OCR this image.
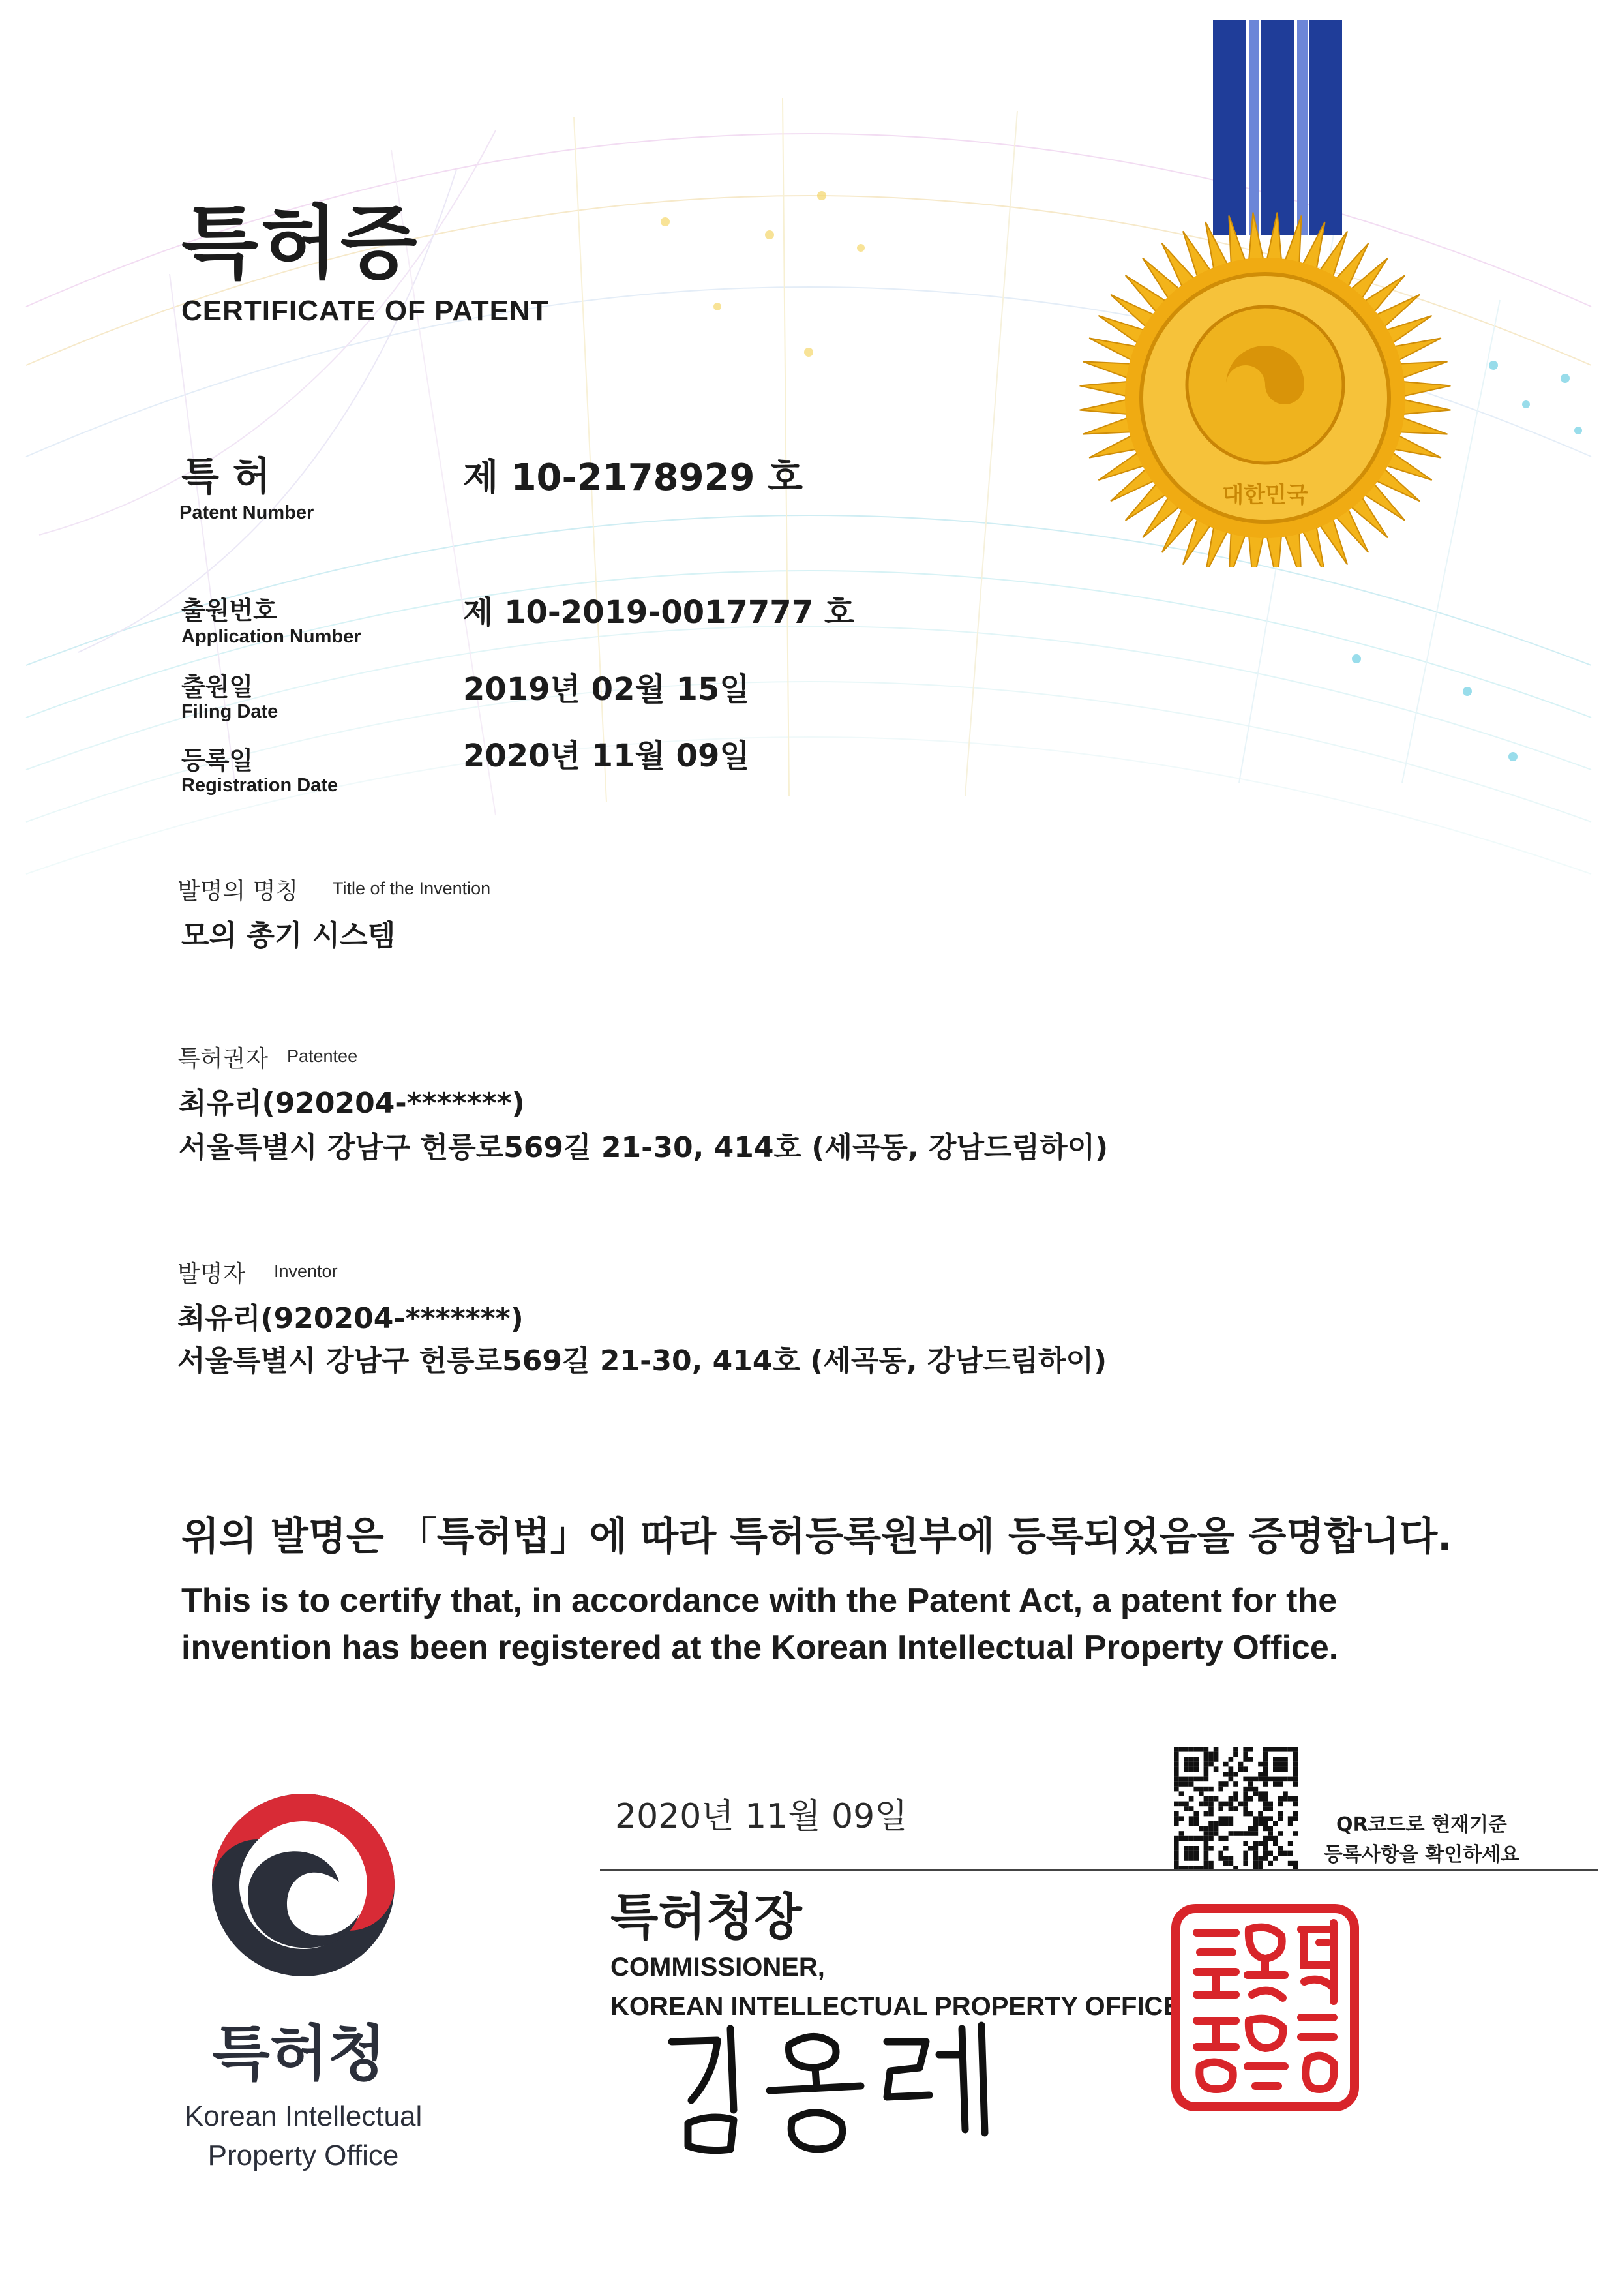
특허증
CERTIFICATE OF PATENT
특 허
Patent Number
제 10-2178929 호
출원번호
Application Number
제 10-2019-0017777 호
출원일
Filing Date
2019년 02월 15일
등록일
Registration Date
2020년 11월 09일
발명의 명칭 Title of the Invention
모의 총기 시스템
특허권자 Patentee
최유리(920204-*******)
서울특별시 강남구 헌릉로569길 21-30, 414호 (세곡동, 강남드림하이)
발명자 Inventor
최유리(920204-*******)
서울특별시 강남구 헌릉로569길 21-30, 414호 (세곡동, 강남드림하이)
위의 발명은 「특허법」에 따라 특허등록원부에 등록되었음을 증명합니다.
This is to certify that, in accordance with the Patent Act, a patent for the invention has been registered at the Korean Intellectual Property Office.
대한민국
특허청
Korean Intellectual
Property Office
2020년 11월 09일	QR코드로 현재기준
등록사항을 확인하세요
특허청장
COMMISSIONER,
KOREAN INTELLECTUAL PROPERTY OFFICE	특허청장인
